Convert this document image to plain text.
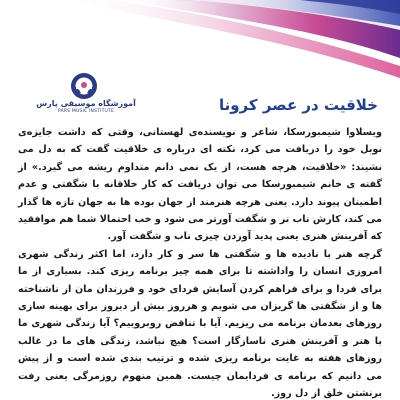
آموزشگاه موسیقی پارس
PARS MUSIC INSTITUTE	خلاقیت در عصر کرونا

ویسلاوا شیمبورسکا، شاعر و نویسنده‌ی لهستانی، وقتی که داشت جایزه‌ی نوبل خود را دریافت می کرد، نکته ای درباره ی خلاقیت گفت که به دل می نشیند: «خلاقیت، هرچه هست، از یک نمی دانم متداوم ریشه می گیرد.» از گفته ی خانم شیمبورسکا می توان دریافت که کار خلاقانه با شگفتی و عدم اطمینان پیوند دارد. یعنی هرچه هنرمند از جهان بوده ها به جهان تازه ها گذار می کند، کارش ناب تر و شگفت آورتر می شود و خب احتمالا شما هم موافقید که آفرینش هنری یعنی پدید آوردن چیزی ناب و شگفت آور.

گرچه هنر با نادیده ها و شگفتی ها سر و کار دارد، اما اکثر زندگی شهری امروزی انسان را واداشته تا برای همه چیز برنامه ریزی کند. بسیاری از ما برای فردا و برای فراهم کردن آسایش فردای خود و فرزندان مان از ناشناخته ها و از شگفتی ها گریزان می شویم و هرروز بیش از دیروز برای بهینه سازی روزهای بعدمان برنامه می ریزیم. آیا با تناقض روبروییم؟ آیا زندگی شهری ما با هنر و آفرینش هنری ناسازگار است؟ هیچ نباشد، زندگی های ما در غالب روزهای هفته به غایت برنامه ریزی شده و ترتیب بندی شده است و از پیش می دانیم که برنامه ی فردایمان چیست. همین منهوم روزمرگی یعنی رفت برنشتن خلق از دل روز.
